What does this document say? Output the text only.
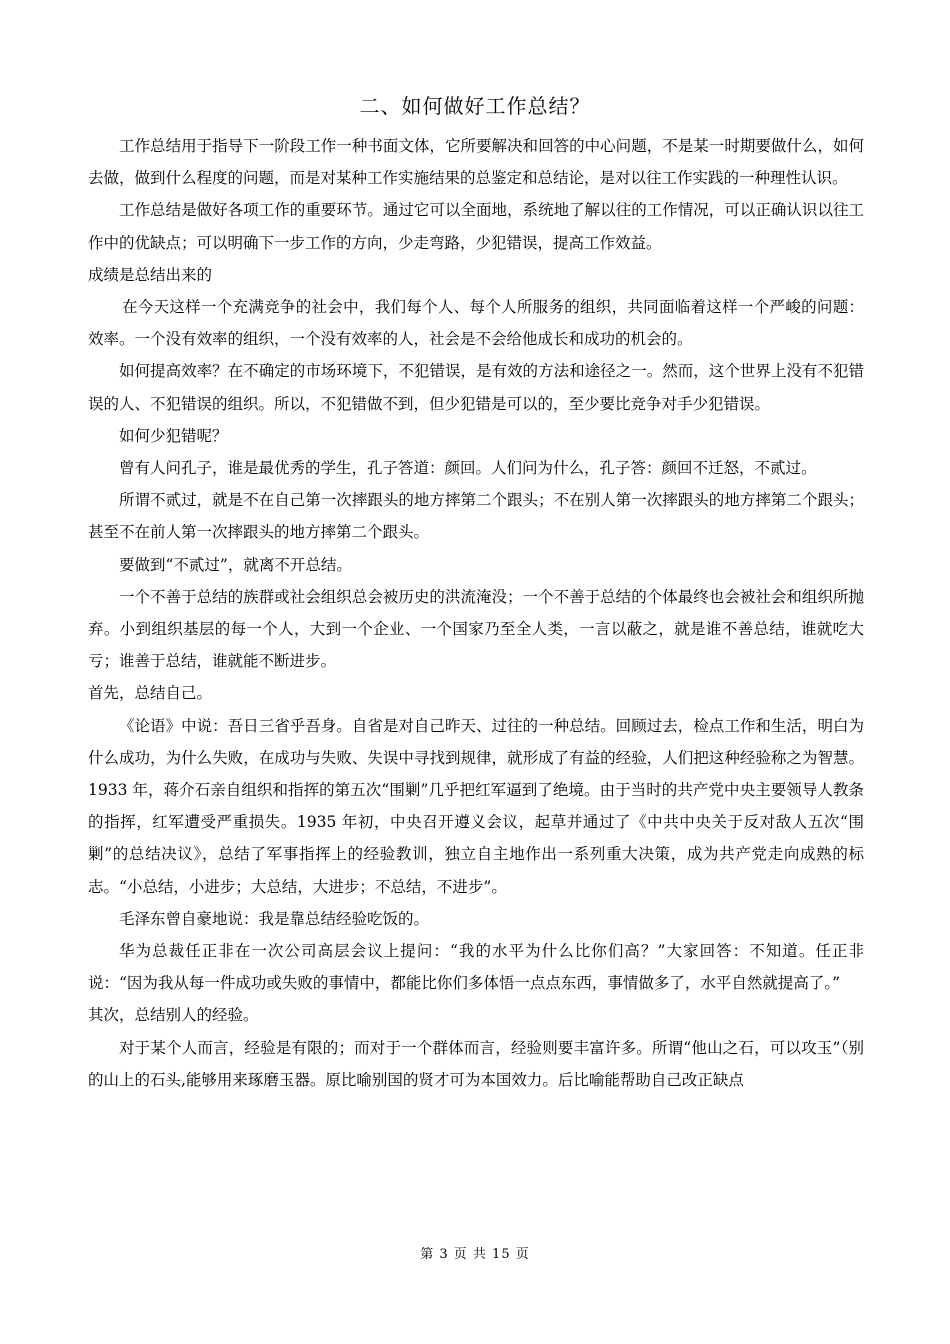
二、如何做好工作总结？

工作总结用于指导下一阶段工作一种书面文体，它所要解决和回答的中心问题，不是某一时期要做什么，如何去做，做到什么程度的问题，而是对某种工作实施结果的总鉴定和总结论，是对以往工作实践的一种理性认识。

工作总结是做好各项工作的重要环节。通过它可以全面地，系统地了解以往的工作情况，可以正确认识以往工作中的优缺点；可以明确下一步工作的方向，少走弯路，少犯错误，提高工作效益。

成绩是总结出来的

在今天这样一个充满竞争的社会中，我们每个人、每个人所服务的组织，共同面临着这样一个严峻的问题：效率。一个没有效率的组织，一个没有效率的人，社会是不会给他成长和成功的机会的。

如何提高效率？在不确定的市场环境下，不犯错误，是有效的方法和途径之一。然而，这个世界上没有不犯错误的人、不犯错误的组织。所以，不犯错做不到，但少犯错是可以的，至少要比竞争对手少犯错误。

如何少犯错呢？

曾有人问孔子，谁是最优秀的学生，孔子答道：颜回。人们问为什么，孔子答：颜回不迁怒，不贰过。

所谓不贰过，就是不在自己第一次摔跟头的地方摔第二个跟头；不在别人第一次摔跟头的地方摔第二个跟头；甚至不在前人第一次摔跟头的地方摔第二个跟头。

要做到“不贰过”，就离不开总结。

一个不善于总结的族群或社会组织总会被历史的洪流淹没；一个不善于总结的个体最终也会被社会和组织所抛弃。小到组织基层的每一个人，大到一个企业、一个国家乃至全人类，一言以蔽之，就是谁不善总结，谁就吃大亏；谁善于总结，谁就能不断进步。

首先，总结自己。

《论语》中说：吾日三省乎吾身。自省是对自己昨天、过往的一种总结。回顾过去，检点工作和生活，明白为什么成功，为什么失败，在成功与失败、失误中寻找到规律，就形成了有益的经验，人们把这种经验称之为智慧。1933 年，蒋介石亲自组织和指挥的第五次“围剿”几乎把红军逼到了绝境。由于当时的共产党中央主要领导人教条的指挥，红军遭受严重损失。1935 年初，中央召开遵义会议，起草并通过了《中共中央关于反对敌人五次“围剿”的总结决议》，总结了军事指挥上的经验教训，独立自主地作出一系列重大决策，成为共产党走向成熟的标志。“小总结，小进步；大总结，大进步；不总结，不进步”。

毛泽东曾自豪地说：我是靠总结经验吃饭的。

华为总裁任正非在一次公司高层会议上提问：“我的水平为什么比你们高？”大家回答：不知道。任正非说：“因为我从每一件成功或失败的事情中，都能比你们多体悟一点点东西，事情做多了，水平自然就提高了。”

其次，总结别人的经验。

对于某个人而言，经验是有限的；而对于一个群体而言，经验则要丰富许多。所谓“他山之石，可以攻玉”（别的山上的石头,能够用来琢磨玉器。原比喻别国的贤才可为本国效力。后比喻能帮助自己改正缺点

第 3 页 共 15 页
